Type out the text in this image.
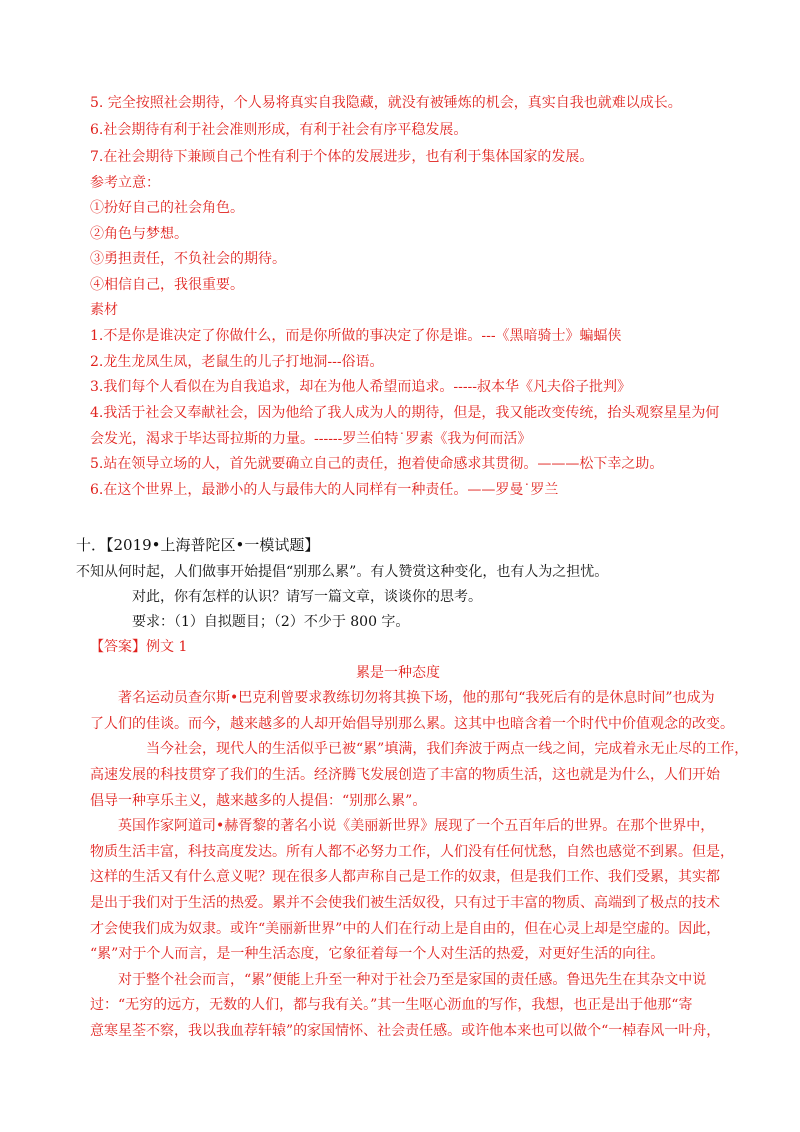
5. 完全按照社会期待，个人易将真实自我隐藏，就没有被锤炼的机会，真实自我也就难以成长。
6.社会期待有利于社会准则形成，有利于社会有序平稳发展。
7.在社会期待下兼顾自己个性有利于个体的发展进步，也有利于集体国家的发展。
参考立意：
①扮好自己的社会角色。
②角色与梦想。
③勇担责任，不负社会的期待。
④相信自己，我很重要。
素材
1.不是你是谁决定了你做什么，而是你所做的事决定了你是谁。---《黑暗骑士》蝙蝠侠
2.龙生龙凤生凤，老鼠生的儿子打地洞---俗语。
3.我们每个人看似在为自我追求，却在为他人希望而追求。-----叔本华《凡夫俗子批判》
4.我活于社会又奉献社会，因为他给了我人成为人的期待，但是，我又能改变传统，抬头观察星星为何
会发光，渴求于毕达哥拉斯的力量。------罗兰伯特˙罗素《我为何而活》
5.站在领导立场的人，首先就要确立自己的责任，抱着使命感求其贯彻。———松下幸之助。
6.在这个世界上，最渺小的人与最伟大的人同样有一种责任。——罗曼˙罗兰
十．【2019•上海普陀区•一模试题】
不知从何时起，人们做事开始提倡“别那么累”。有人赞赏这种变化，也有人为之担忧。
对此，你有怎样的认识？请写一篇文章，谈谈你的思考。
要求：（1）自拟题目；（2）不少于 800 字。
【答案】例文 1
累是一种态度
著名运动员查尔斯•巴克利曾要求教练切勿将其换下场，他的那句“我死后有的是休息时间”也成为
了人们的佳谈。而今，越来越多的人却开始倡导别那么累。这其中也暗含着一个时代中价值观念的改变。
当今社会，现代人的生活似乎已被“累”填满，我们奔波于两点一线之间，完成着永无止尽的工作，
高速发展的科技贯穿了我们的生活。经济腾飞发展创造了丰富的物质生活，这也就是为什么，人们开始
倡导一种享乐主义，越来越多的人提倡：“别那么累”。
英国作家阿道司•赫胥黎的著名小说《美丽新世界》展现了一个五百年后的世界。在那个世界中，
物质生活丰富，科技高度发达。所有人都不必努力工作，人们没有任何忧愁，自然也感觉不到累。但是，
这样的生活又有什么意义呢？现在很多人都声称自己是工作的奴隶，但是我们工作、我们受累，其实都
是出于我们对于生活的热爱。累并不会使我们被生活奴役，只有过于丰富的物质、高端到了极点的技术
才会使我们成为奴隶。或许“美丽新世界”中的人们在行动上是自由的，但在心灵上却是空虚的。因此，
“累”对于个人而言，是一种生活态度，它象征着每一个人对生活的热爱，对更好生活的向往。
对于整个社会而言，“累”便能上升至一种对于社会乃至是家国的责任感。鲁迅先生在其杂文中说
过：“无穷的远方，无数的人们，都与我有关。”其一生呕心沥血的写作，我想，也正是出于他那“寄
意寒星荃不察，我以我血荐轩辕”的家国情怀、社会责任感。或许他本来也可以做个“一棹春风一叶舟，
